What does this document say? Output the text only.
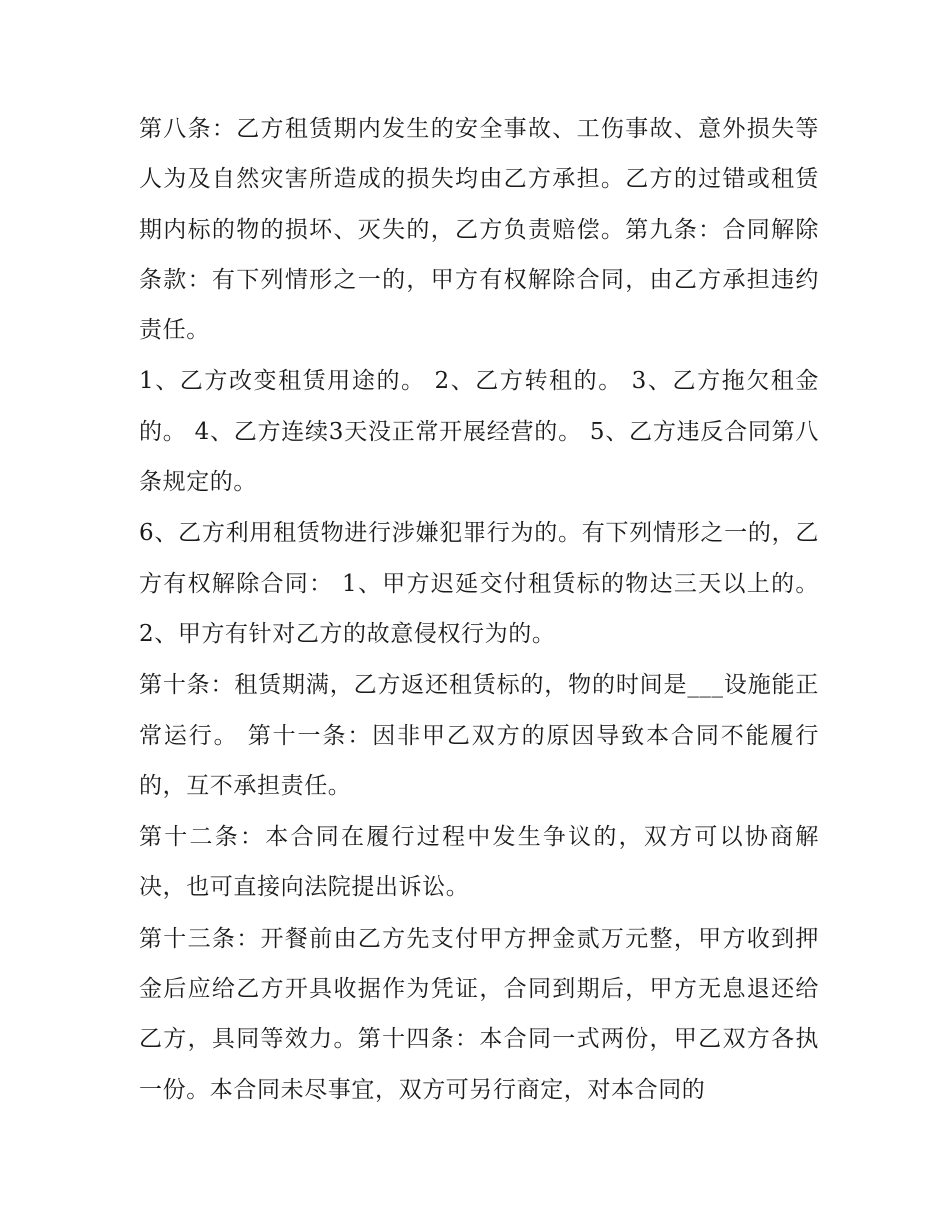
第八条：乙方租赁期内发生的安全事故、工伤事故、意外损失等人为及自然灾害所造成的损失均由乙方承担。乙方的过错或租赁期内标的物的损坏、灭失的，乙方负责赔偿。第九条：合同解除条款：有下列情形之一的，甲方有权解除合同，由乙方承担违约责任。

1、乙方改变租赁用途的。 2、乙方转租的。 3、乙方拖欠租金的。 4、乙方连续3天没正常开展经营的。 5、乙方违反合同第八条规定的。

6、乙方利用租赁物进行涉嫌犯罪行为的。有下列情形之一的，乙方有权解除合同： 1、甲方迟延交付租赁标的物达三天以上的。 2、甲方有针对乙方的故意侵权行为的。

第十条：租赁期满，乙方返还租赁标的，物的时间是___设施能正常运行。 第十一条：因非甲乙双方的原因导致本合同不能履行的，互不承担责任。

第十二条：本合同在履行过程中发生争议的，双方可以协商解决，也可直接向法院提出诉讼。

第十三条：开餐前由乙方先支付甲方押金贰万元整，甲方收到押金后应给乙方开具收据作为凭证，合同到期后，甲方无息退还给乙方，具同等效力。第十四条：本合同一式两份，甲乙双方各执一份。本合同未尽事宜，双方可另行商定，对本合同的
